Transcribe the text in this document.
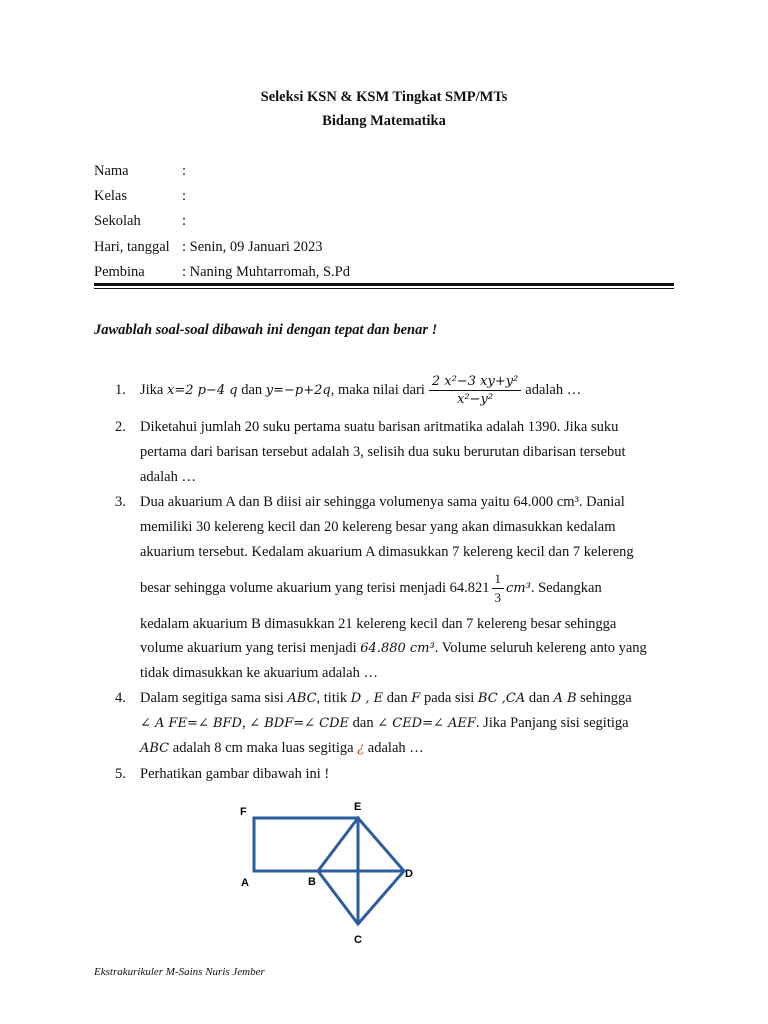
Seleksi KSN & KSM Tingkat SMP/MTs
Bidang Matematika
Nama	:
Kelas	:
Sekolah	:
Hari, tanggal : Senin, 09 Januari 2023
Pembina	: Naning Muhtarromah, S.Pd
Jawablah soal-soal dibawah ini dengan tepat dan benar !
1. Jika x=2 p−4 q dan y=−p+2q , maka nilai dari $\frac{\text{2 x²−3 xy+y²}}{\text{x²−y²}}$ adalah …
2. Diketahui jumlah 20 suku pertama suatu barisan aritmatika adalah 1390. Jika suku
pertama dari barisan tersebut adalah 3, selisih dua suku berurutan dibarisan tersebut
adalah …
3. Dua akuarium A dan B diisi air sehingga volumenya sama yaitu 64.000 cm³. Danial
memiliki 30 kelereng kecil dan 20 kelereng besar yang akan dimasukkan kedalam
akuarium tersebut. Kedalam akuarium A dimasukkan 7 kelereng kecil dan 7 kelereng
besar sehingga volume akuarium yang terisi menjadi $64.821 \frac{1}{3} cm^3$ . Sedangkan
kedalam akuarium B dimasukkan 21 kelereng kecil dan 7 kelereng besar sehingga
volume akuarium yang terisi menjadi 64.880 cm³. Volume seluruh kelereng anto yang
tidak dimasukkan ke akuarium adalah …
4. Dalam segitiga sama sisi ABC, titik D , E dan F pada sisi BC ,CA dan A B sehingga
∠ A FE=∠ BFD, ∠ BDF=∠ CDE dan ∠ CED=∠ AEF. Jika Panjang sisi segitiga
ABC adalah 8 cm maka luas segitiga ¿ adalah …
5. Perhatikan gambar dibawah ini !
F	E
A	B
D
C
Ekstrakurikuler M-Sains Nuris Jember
